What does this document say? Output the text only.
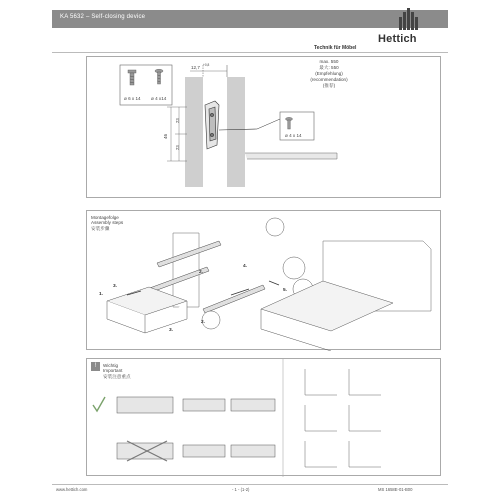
KA 5632 – Self-closing device
Hettich
Technik für Möbel
ø 6 x 14 ø 4 x14
12,7 +0,8
46
23
23
ø 4 x 14
max. 550
最大: 550
(Empfehlung)
(recommendation)
(推荐)
Montagefolge
Assembly steps
安装步骤
1.
2.
3.
3.
4.
5.
2.
!	Wichtig
Important
安装注意重点
www.hettich.com	- 1 - (1-2)	MS 1658E-01-B00
